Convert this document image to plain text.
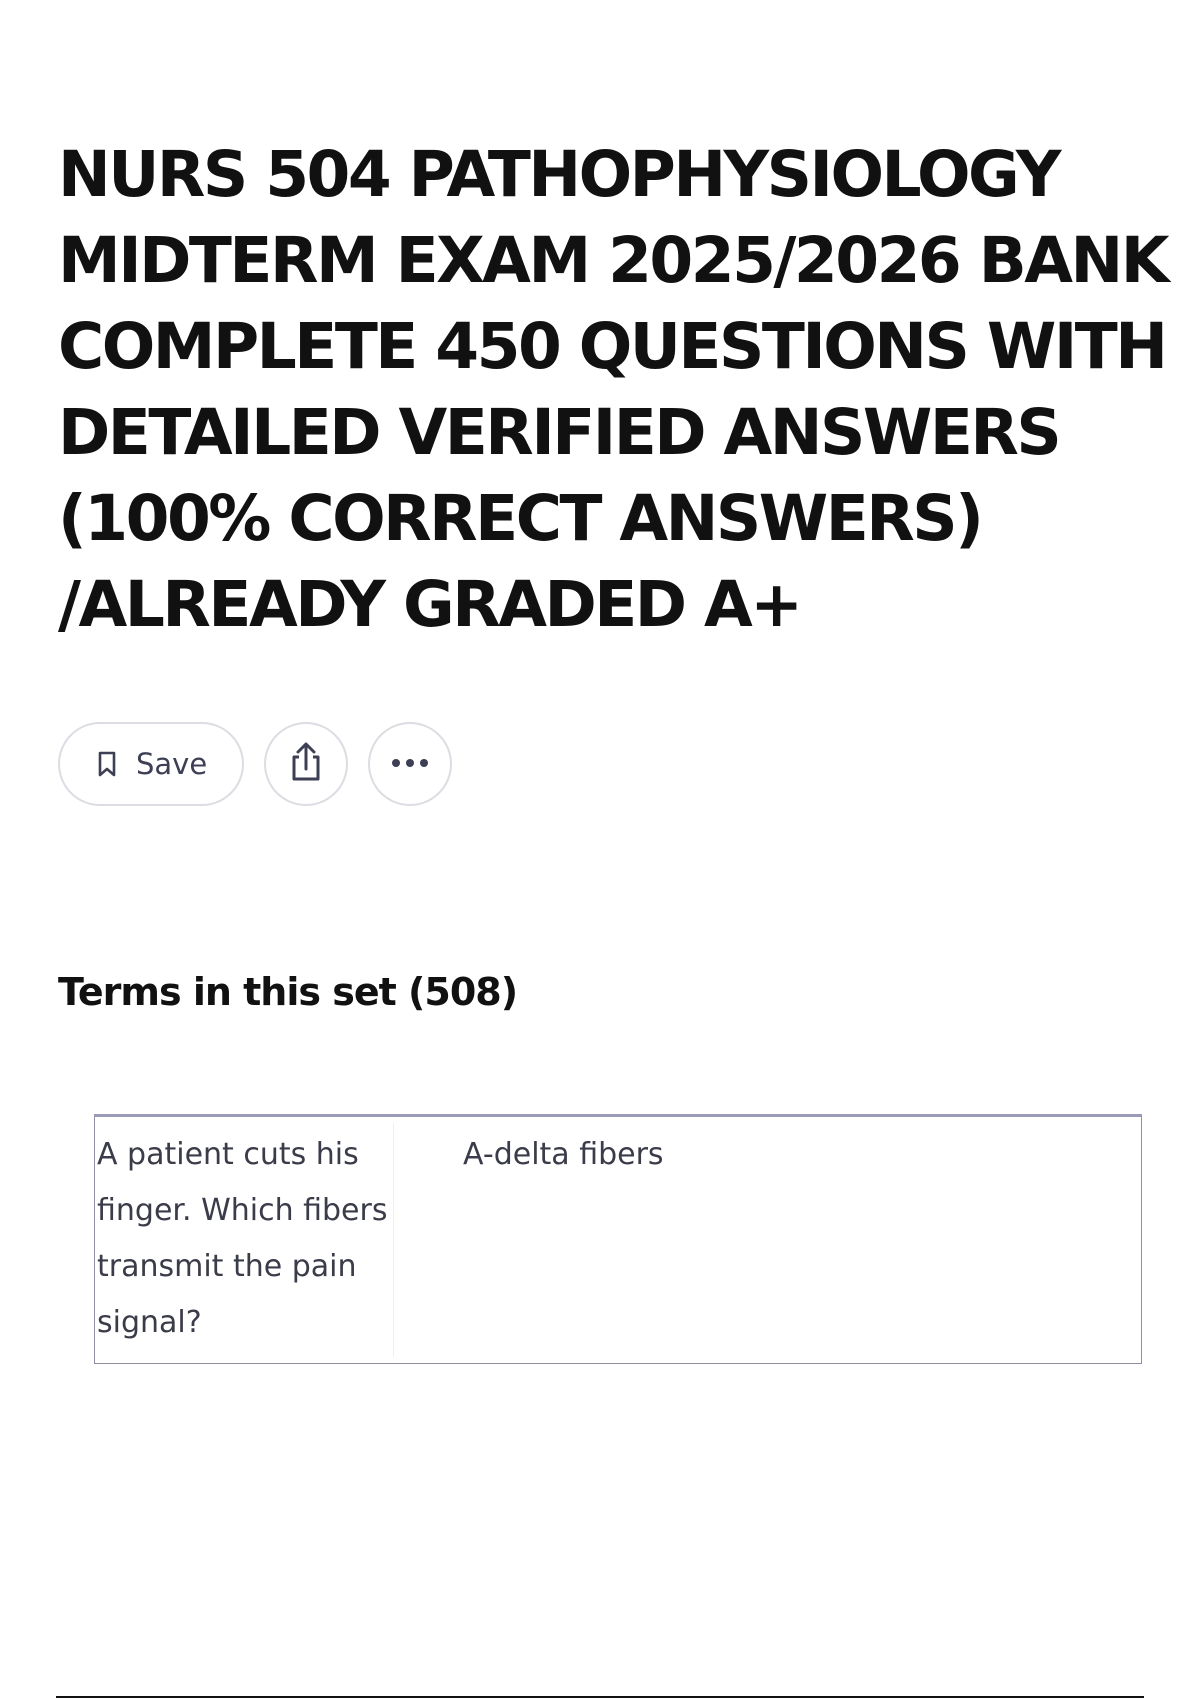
NURS 504 PATHOPHYSIOLOGY MIDTERM EXAM 2025/2026 BANK COMPLETE 450 QUESTIONS WITH DETAILED VERIFIED ANSWERS (100% CORRECT ANSWERS) /ALREADY GRADED A+
Save
Terms in this set (508)
A patient cuts his finger. Which fibers transmit the pain signal?
A-delta fibers
